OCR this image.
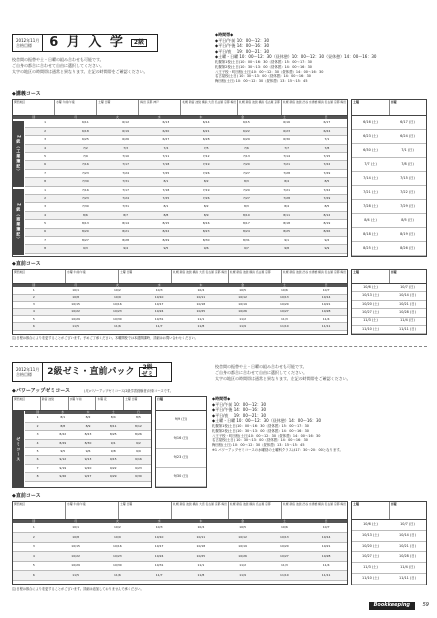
2012年11月
合格目標	6 月 入 学	2級
校舎間の振替や土・日曜の組み合わせも可能です。
ご自身の都合に合わせて自由に選択してください。
太字の地区の時間帯は通常と異なります。左記の時間帯をご確認ください。
◆時間帯◆
◆平日/午前 10：00～12：30
◆平日/午後 14：00～16：30
◆平日/夜　 19：00～21：30
◆土曜・日曜 10：00～12：30（昼休憩）10：00～12：30（昼休憩）14：00～16：30
札幌第1校(土日)10：00～16：30（昼休憩）15：00～17：30
札幌第2校(土日)10：30～13：00（昼休憩）14：00～16：30
八王子校・町田校(土日)10：00～12：30（昼休憩）14：00～16：30
名古屋校(土日) 10：30～13：00（昼休憩）14：00～16：30
梅田校(土日) 10：00～12：30（昼休憩）13：15～15：45
◆講義コース
関西地区	水曜 午前/午後	土曜 日曜	梅田 京都 神戸	札幌 新宿 池袋 横浜 大宮 名古屋 京都 梅田	札幌 新宿 池袋 横浜 名古屋 京都	札幌 新宿 池袋 渋谷 水道橋 横浜 名古屋 京都 梅田
回	月	火	水	木	金	土	日
1	6/11	6/12	6/13	6/14	6/15	6/16	6/17
2	6/18	6/19	6/20	6/21	6/22	6/23	6/24
3	6/25	6/26	6/27	6/28	6/29	6/30	7/1
4	7/2	7/3	7/4	7/5	7/6	7/7	7/8
5	7/9	7/10	7/11	7/12	7/13	7/14	7/15
6	7/16	7/17	7/18	7/19	7/20	7/21	7/22
7	7/23	7/24	7/25	7/26	7/27	7/28	7/29
8	7/30	7/31	8/1	8/2	8/3	8/4	8/5
1	7/16	7/17	7/18	7/19	7/20	7/21	7/22
2	7/23	7/24	7/25	7/26	7/27	7/28	7/29
3	7/30	7/31	8/1	8/2	8/3	8/4	8/5
4	8/6	8/7	8/8	8/9	8/10	8/11	8/12
5	8/13	8/14	8/15	8/16	8/17	8/18	8/19
6	8/20	8/21	8/22	8/23	8/24	8/25	8/26
7	8/27	8/28	8/29	8/30	8/31	9/1	9/2
8	9/3	9/4	9/5	9/6	9/7	9/8	9/9
2級（工業簿記）
2級（商業簿記）
土曜	日曜
6/16 (土)	6/17 (日)
6/23 (土)	6/24 (日)
6/30 (土)	7/1 (日)
7/7 (土)	7/8 (日)
7/14 (土)	7/15 (日)
7/21 (土)	7/22 (日)
7/28 (土)	7/29 (日)
8/4 (土)	8/5 (日)
8/18 (土)	8/19 (日)
8/25 (土)	8/26 (日)
◆直前コース
関西地区	水曜 午前/午後	土曜 日曜	札幌 新宿 池袋 横浜 大宮 名古屋 京都 梅田	札幌 新宿 池袋 横浜 名古屋 京都	札幌 新宿 池袋 渋谷 水道橋 横浜 名古屋 京都 梅田
回	月	火	水	木	金	土	日
1	10/1	10/2	10/3	10/4	10/5	10/6	10/7
2	10/8	10/9	10/10	10/11	10/12	10/13	10/14
3	10/15	10/16	10/17	10/18	10/19	10/20	10/21
4	10/22	10/23	10/24	10/25	10/26	10/27	10/28
5	10/29	10/30	10/31	11/1	11/2	11/3	11/4
6	11/5	11/6	11/7	11/8	11/9	11/10	11/11
土曜	日曜
10/6 (土)	10/7 (日)
10/13 (土)	10/14 (日)
10/20 (土)	10/21 (日)
10/27 (土)	10/28 (日)
11/3 (土)	11/4 (日)
11/10 (土)	11/11 (日)
注)日程は都合により変更することがございます。予めご了承ください。木曜開校では本週開講時、詳細はお問い合わせください。
2012年11月
合格目標	2級ゼミ・直前パック	2級
ゼミ
校舎間の振替や土・日曜の組み合わせも可能です。
ご自身の都合に合わせて自由に選択してください。
太字の地区の時間帯は通常と異なります。左記の時間帯をご確認ください。
◆パワーアップゼミコース	(月)パワーアップゼミコース(2級学習経験者)対象コースです。
関西地区	新宿 池袋	水曜 午前	木曜 夜	土曜 日曜
回	水	木	土	日
1	8/1	8/2	8/4	8/5
2	8/8	8/9	8/11	8/12
3	8/22	8/23	8/25	8/26
4	8/29	8/30	9/1	9/2
5	9/5	9/6	9/8	9/9
6	9/12	9/13	9/15	9/16
7	9/19	9/20	9/22	9/23
8	9/26	9/27	9/29	9/30
ゼミコース
日曜
9/9 (日)
9/16 (日)
9/23 (日)
9/30 (日)
◆時間帯◆
◆平日/午前 10：00～12：30
◆平日/午後 14：00～16：30
◆平日/夜　 19：00～21：30
◆土曜・日曜 10：00～12：30（昼休憩）14：00～16：30
札幌第1校(土日)10：00～16：30（昼休憩）15：00～17：30
札幌第2校(土日)10：30～13：00（昼休憩）14：00～16：30
八王子校・町田校(土日)10：00～12：30（昼休憩）14：00～16：30
名古屋校(土日) 10：30～13：00（昼休憩）14：00～16：30
梅田校(土日) 10：00～12：30（昼休憩）13：15～15：45
※1 パワーアップゼミコースの水曜昼の土曜科クラスは17：30～20：00となります。
◆直前コース
関西地区	水曜 午前/午後	土曜 日曜	札幌 新宿 池袋 横浜 大宮 名古屋 京都 梅田	札幌 新宿 池袋 横浜 名古屋 京都	札幌 新宿 池袋 渋谷 水道橋 横浜 名古屋 京都 梅田
回	月	火	水	木	金	土	日
1	10/1	10/2	10/3	10/4	10/5	10/6	10/7
2	10/8	10/9	10/10	10/11	10/12	10/13	10/14
3	10/15	10/16	10/17	10/18	10/19	10/20	10/21
4	10/22	10/23	10/24	10/25	10/26	10/27	10/28
5	10/29	10/30	10/31	11/1	11/2	11/3	11/4
6	11/5	11/6	11/7	11/8	11/9	11/10	11/11
土曜	日曜
10/6 (土)	10/7 (日)
10/13 (土)	10/14 (日)
10/20 (土)	10/21 (日)
10/27 (土)	10/28 (日)
11/3 (土)	11/4 (日)
11/10 (土)	11/11 (日)
注)日程は都合により変更することがございます。詳細は追加しておりませんで承ください。
Bookkeeping	59
